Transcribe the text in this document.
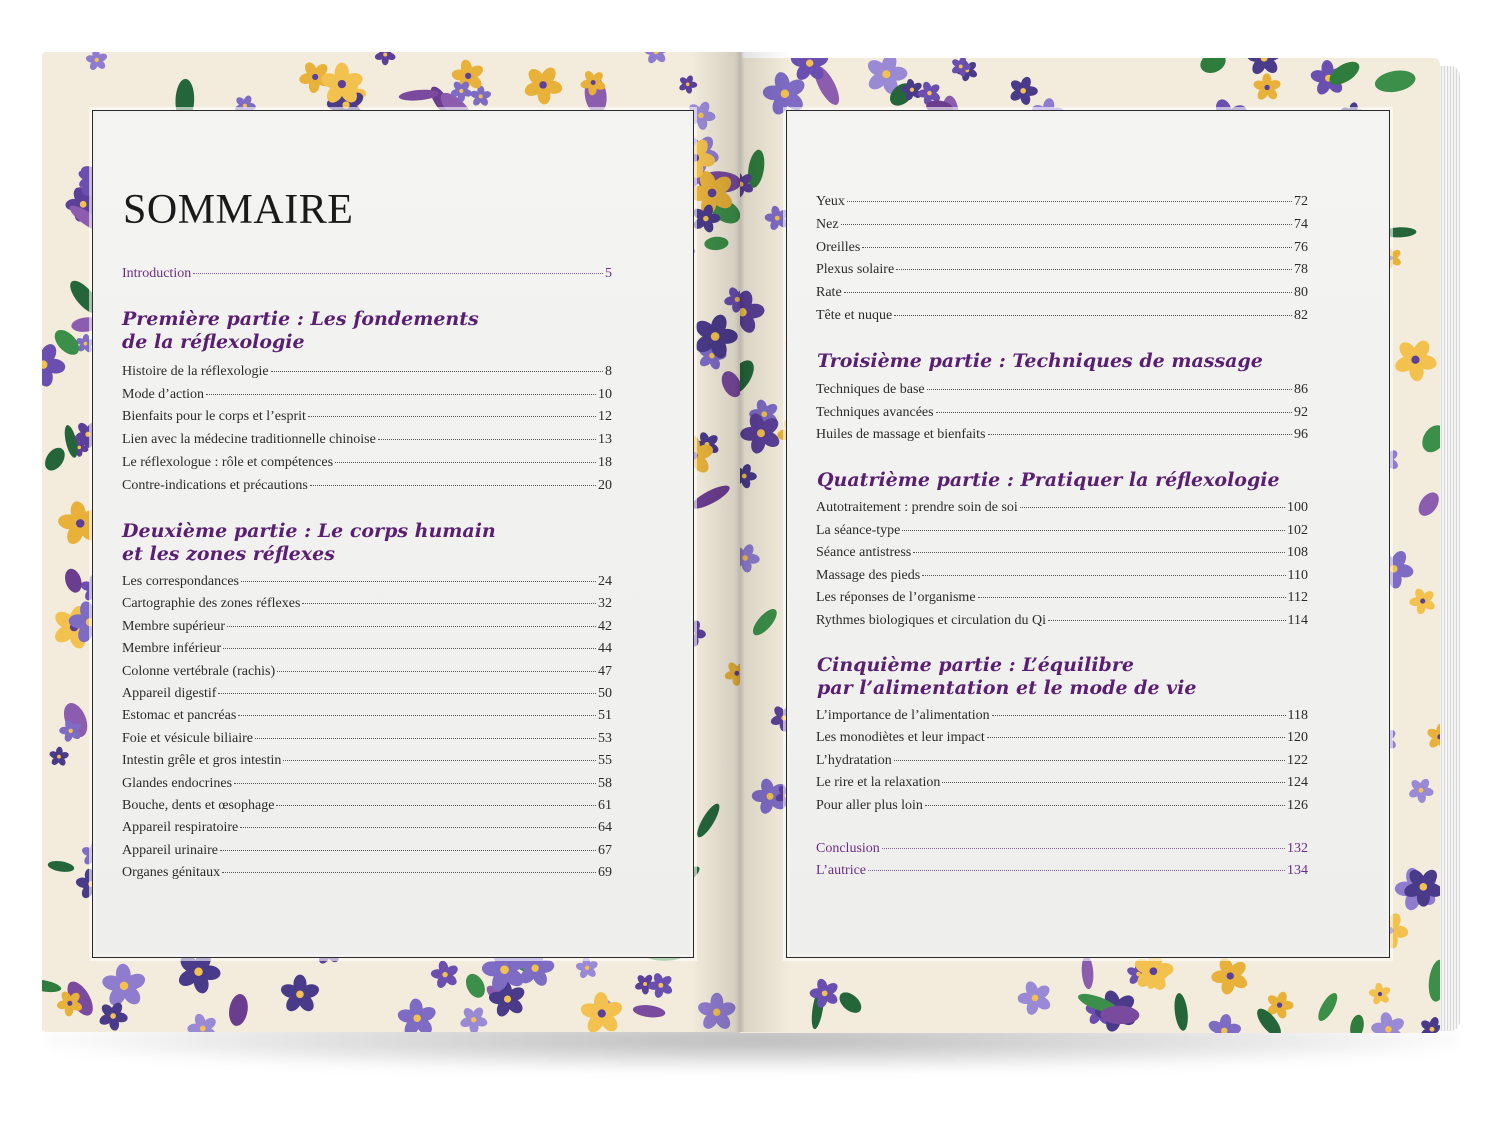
SOMMAIRE
Introduction	5
Première partie : Les fondements
de la réflexologie
Histoire de la réflexologie	8
Mode d’action	10
Bienfaits pour le corps et l’esprit	12
Lien avec la médecine traditionnelle chinoise	13
Le réflexologue : rôle et compétences	18
Contre-indications et précautions	20
Deuxième partie : Le corps humain
et les zones réflexes
Les correspondances	24
Cartographie des zones réflexes	32
Membre supérieur	42
Membre inférieur	44
Colonne vertébrale (rachis)	47
Appareil digestif	50
Estomac et pancréas	51
Foie et vésicule biliaire	53
Intestin grêle et gros intestin	55
Glandes endocrines	58
Bouche, dents et œsophage	61
Appareil respiratoire	64
Appareil urinaire	67
Organes génitaux	69
Yeux	72
Nez	74
Oreilles	76
Plexus solaire	78
Rate	80
Tête et nuque	82
Troisième partie : Techniques de massage
Techniques de base	86
Techniques avancées	92
Huiles de massage et bienfaits	96
Quatrième partie : Pratiquer la réflexologie
Autotraitement : prendre soin de soi	100
La séance-type	102
Séance antistress	108
Massage des pieds	110
Les réponses de l’organisme	112
Rythmes biologiques et circulation du Qi	114
Cinquième partie : L’équilibre
par l’alimentation et le mode de vie
L’importance de l’alimentation	118
Les monodiètes et leur impact	120
L’hydratation	122
Le rire et la relaxation	124
Pour aller plus loin	126
Conclusion	132
L’autrice	134
